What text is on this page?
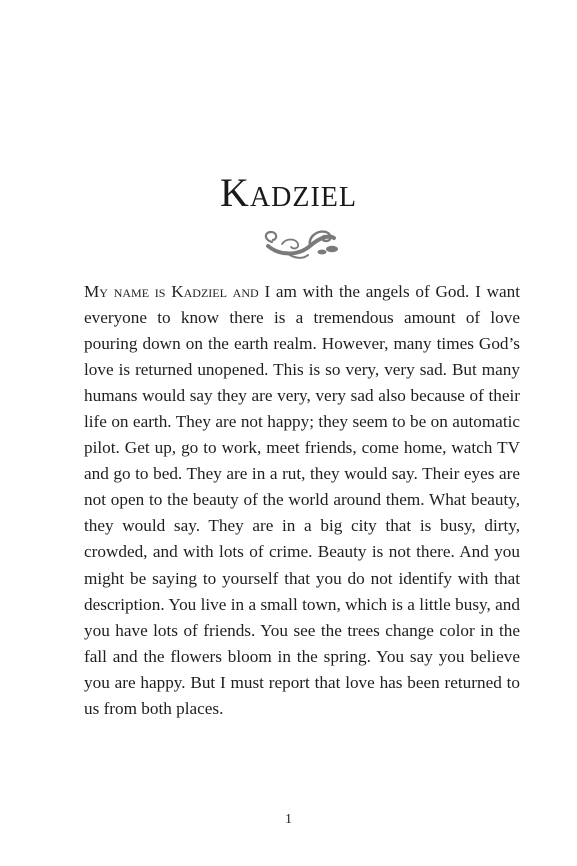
Kadziel

My name is Kadziel and I am with the angels of God. I want everyone to know there is a tremendous amount of love pouring down on the earth realm. However, many times God’s love is returned unopened. This is so very, very sad. But many humans would say they are very, very sad also because of their life on earth. They are not happy; they seem to be on automatic pilot. Get up, go to work, meet friends, come home, watch TV and go to bed. They are in a rut, they would say. Their eyes are not open to the beauty of the world around them. What beauty, they would say. They are in a big city that is busy, dirty, crowded, and with lots of crime. Beauty is not there. And you might be saying to yourself that you do not identify with that description. You live in a small town, which is a little busy, and you have lots of friends. You see the trees change color in the fall and the flowers bloom in the spring. You say you believe you are happy. But I must report that love has been returned to us from both places.

1
